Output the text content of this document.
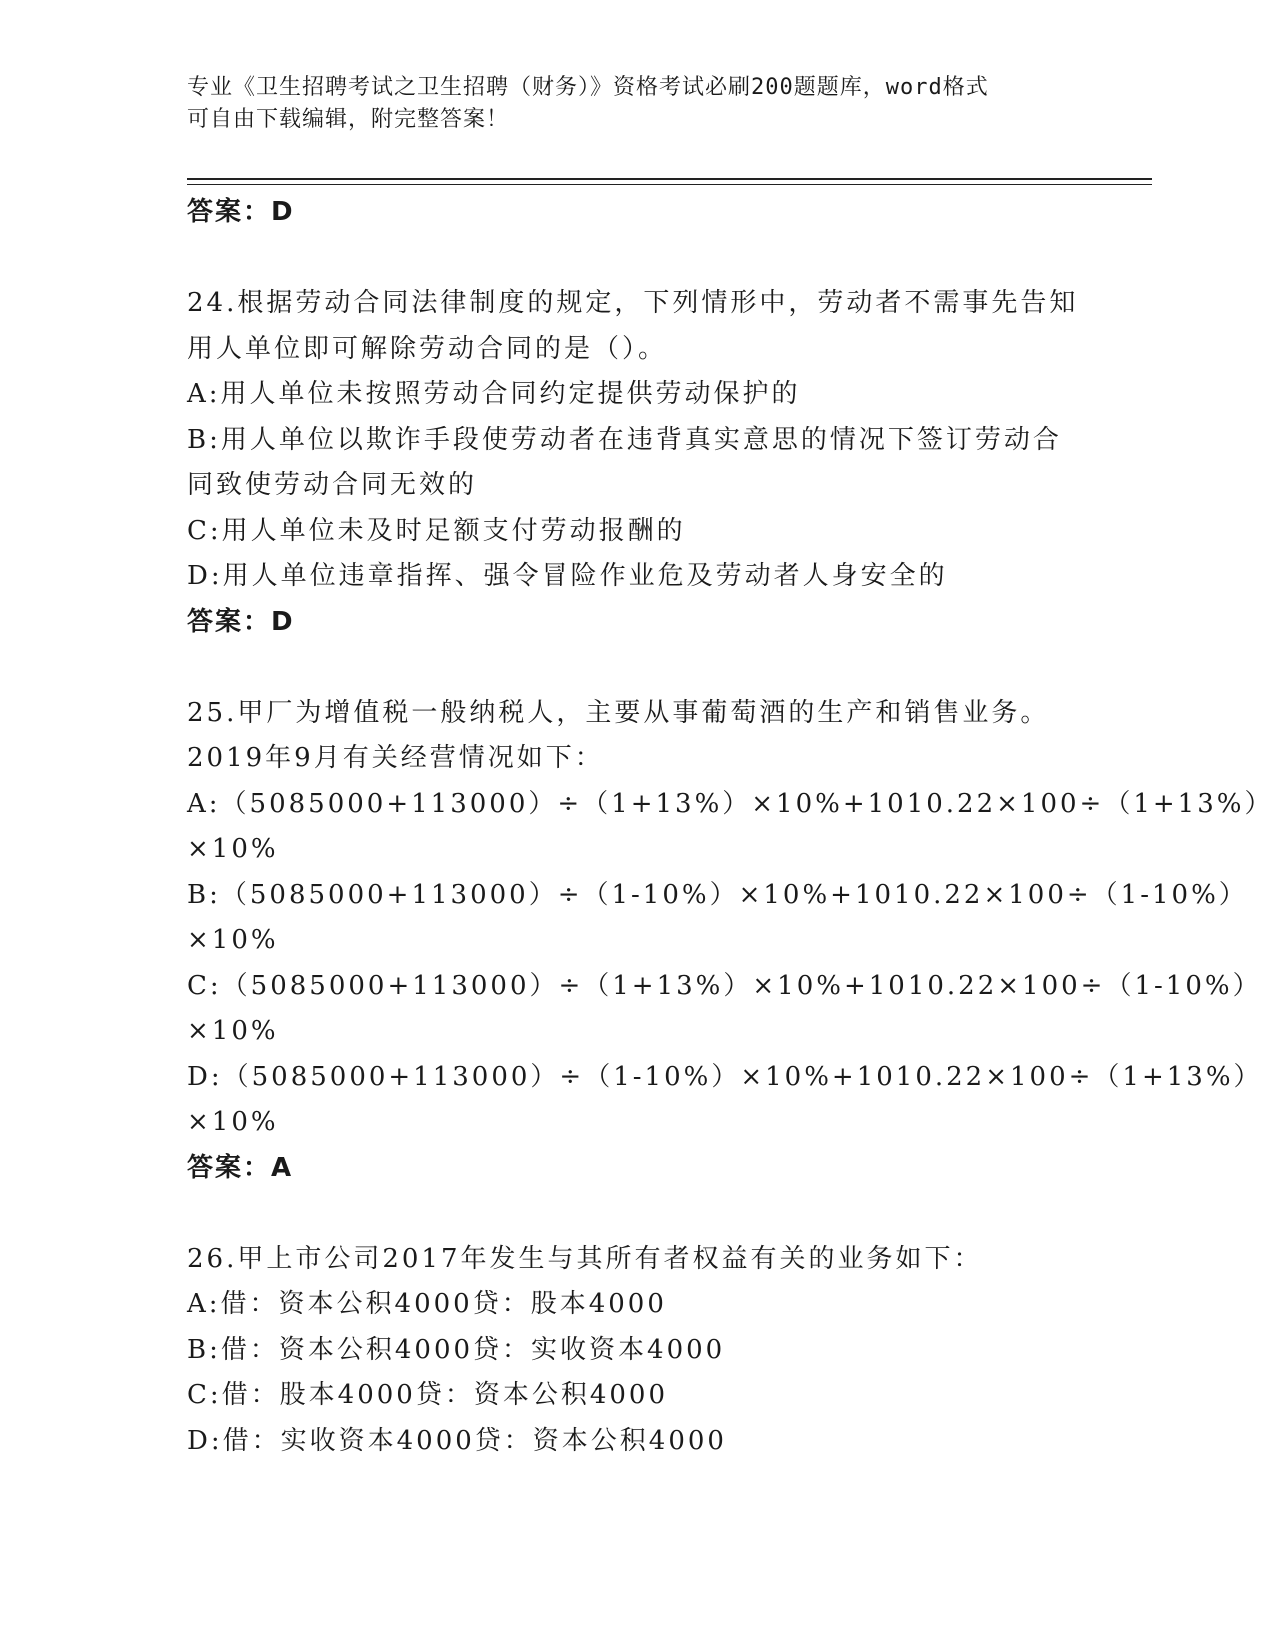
专业《卫生招聘考试之卫生招聘（财务）》资格考试必刷200题题库，word格式
可自由下载编辑，附完整答案！
答案：D
24.根据劳动合同法律制度的规定，下列情形中，劳动者不需事先告知
用人单位即可解除劳动合同的是（）。
A:用人单位未按照劳动合同约定提供劳动保护的
B:用人单位以欺诈手段使劳动者在违背真实意思的情况下签订劳动合
同致使劳动合同无效的
C:用人单位未及时足额支付劳动报酬的
D:用人单位违章指挥、强令冒险作业危及劳动者人身安全的
答案：D
25.甲厂为增值税一般纳税人，主要从事葡萄酒的生产和销售业务。
2019年9月有关经营情况如下：
A:（5085000+113000）÷（1+13%）×10%+1010.22×100÷（1+13%）
×10%
B:（5085000+113000）÷（1-10%）×10%+1010.22×100÷（1-10%）
×10%
C:（5085000+113000）÷（1+13%）×10%+1010.22×100÷（1-10%）
×10%
D:（5085000+113000）÷（1-10%）×10%+1010.22×100÷（1+13%）
×10%
答案：A
26.甲上市公司2017年发生与其所有者权益有关的业务如下：
A:借：资本公积4000贷：股本4000
B:借：资本公积4000贷：实收资本4000
C:借：股本4000贷：资本公积4000
D:借：实收资本4000贷：资本公积4000
